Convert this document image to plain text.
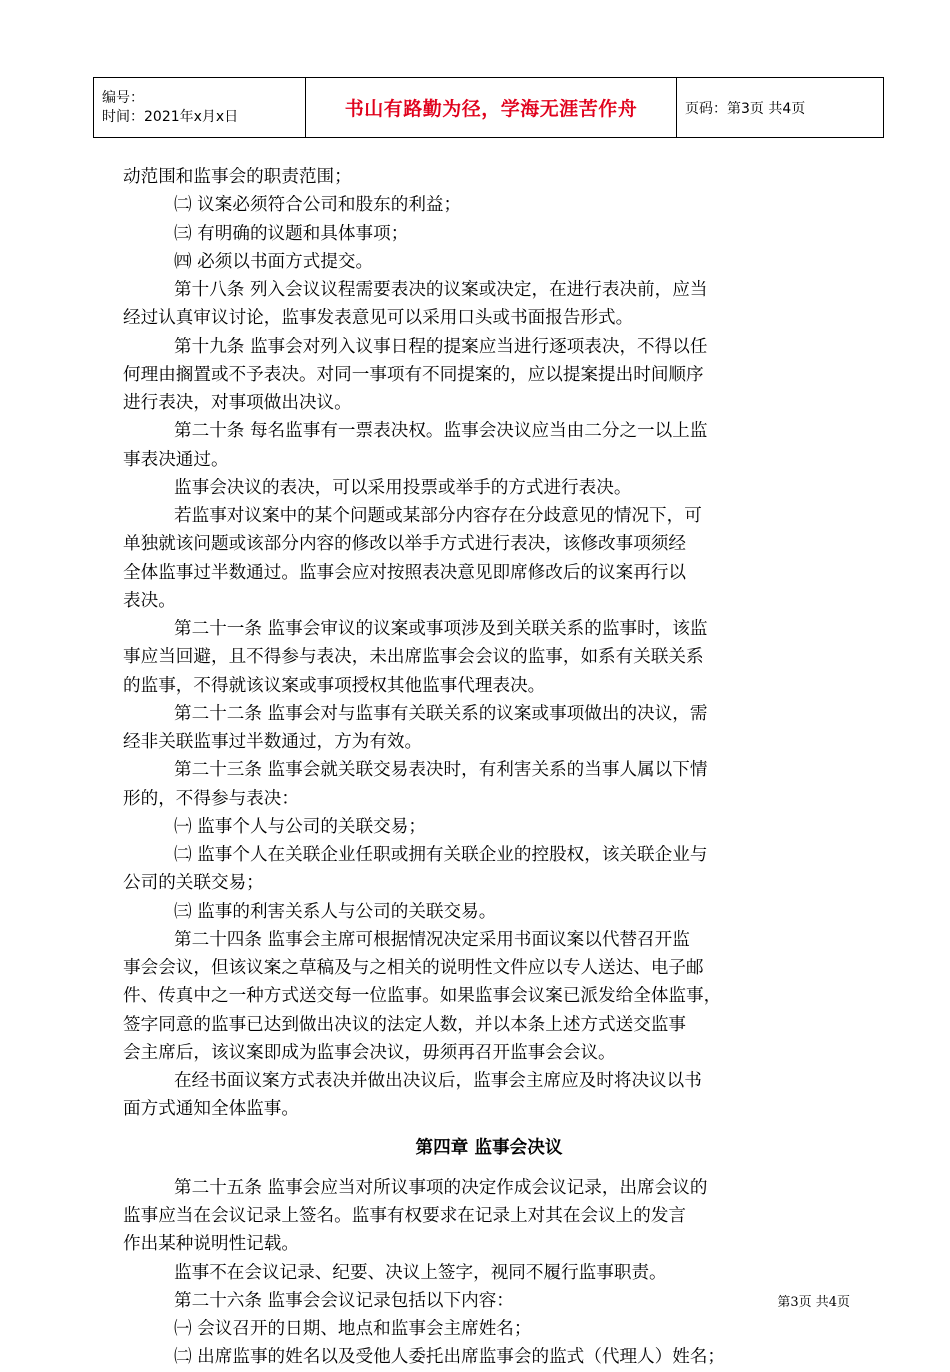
编号：
时间：2021年x月x日	书山有路勤为径，学海无涯苦作舟	页码：第3页 共4页

动范围和监事会的职责范围；

㈡ 议案必须符合公司和股东的利益；

㈢ 有明确的议题和具体事项；

㈣ 必须以书面方式提交。

第十八条 列入会议议程需要表决的议案或决定，在进行表决前，应当

经过认真审议讨论，监事发表意见可以采用口头或书面报告形式。

第十九条 监事会对列入议事日程的提案应当进行逐项表决，不得以任

何理由搁置或不予表决。对同一事项有不同提案的，应以提案提出时间顺序

进行表决，对事项做出决议。

第二十条 每名监事有一票表决权。监事会决议应当由二分之一以上监

事表决通过。

监事会决议的表决，可以采用投票或举手的方式进行表决。

若监事对议案中的某个问题或某部分内容存在分歧意见的情况下，可

单独就该问题或该部分内容的修改以举手方式进行表决，该修改事项须经

全体监事过半数通过。监事会应对按照表决意见即席修改后的议案再行以

表决。

第二十一条 监事会审议的议案或事项涉及到关联关系的监事时，该监

事应当回避，且不得参与表决，未出席监事会会议的监事，如系有关联关系

的监事，不得就该议案或事项授权其他监事代理表决。

第二十二条 监事会对与监事有关联关系的议案或事项做出的决议，需

经非关联监事过半数通过，方为有效。

第二十三条 监事会就关联交易表决时，有利害关系的当事人属以下情

形的，不得参与表决：

㈠ 监事个人与公司的关联交易；

㈡ 监事个人在关联企业任职或拥有关联企业的控股权，该关联企业与

公司的关联交易；

㈢ 监事的利害关系人与公司的关联交易。

第二十四条 监事会主席可根据情况决定采用书面议案以代替召开监

事会会议，但该议案之草稿及与之相关的说明性文件应以专人送达、电子邮

件、传真中之一种方式送交每一位监事。如果监事会议案已派发给全体监事，

签字同意的监事已达到做出决议的法定人数，并以本条上述方式送交监事

会主席后，该议案即成为监事会决议，毋须再召开监事会会议。

在经书面议案方式表决并做出决议后，监事会主席应及时将决议以书

面方式通知全体监事。

第四章 监事会决议

第二十五条 监事会应当对所议事项的决定作成会议记录，出席会议的

监事应当在会议记录上签名。监事有权要求在记录上对其在会议上的发言

作出某种说明性记载。

监事不在会议记录、纪要、决议上签字，视同不履行监事职责。

第二十六条 监事会会议记录包括以下内容：

㈠ 会议召开的日期、地点和监事会主席姓名；

㈡ 出席监事的姓名以及受他人委托出席监事会的监式（代理人）姓名；

第3页 共4页
